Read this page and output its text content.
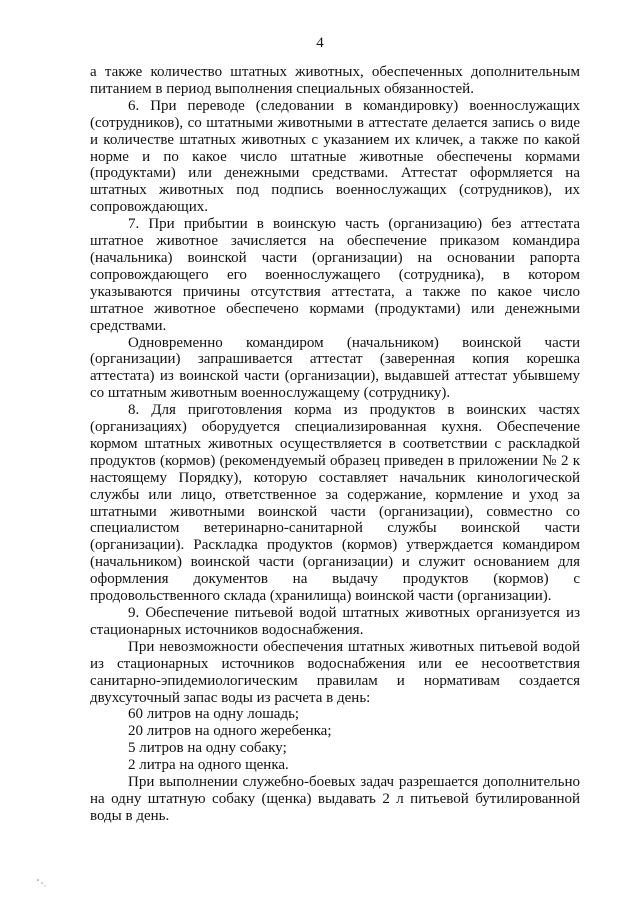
4

а также количество штатных животных, обеспеченных дополнительным питанием в период выполнения специальных обязанностей.

6. При переводе (следовании в командировку) военнослужащих (сотрудников), со штатными животными в аттестате делается запись о виде и количестве штатных животных с указанием их кличек, а также по какой норме и по какое число штатные животные обеспечены кормами (продуктами) или денежными средствами. Аттестат оформляется на штатных животных под подпись военнослужащих (сотрудников), их сопровождающих.

7. При прибытии в воинскую часть (организацию) без аттестата штатное животное зачисляется на обеспечение приказом командира (начальника) воинской части (организации) на основании рапорта сопровождающего его военнослужащего (сотрудника), в котором указываются причины отсутствия аттестата, а также по какое число штатное животное обеспечено кормами (продуктами) или денежными средствами.

Одновременно командиром (начальником) воинской части (организации) запрашивается аттестат (заверенная копия корешка аттестата) из воинской части (организации), выдавшей аттестат убывшему со штатным животным военнослужащему (сотруднику).

8. Для приготовления корма из продуктов в воинских частях (организациях) оборудуется специализированная кухня. Обеспечение кормом штатных животных осуществляется в соответствии с раскладкой продуктов (кормов) (рекомендуемый образец приведен в приложении № 2 к настоящему Порядку), которую составляет начальник кинологической службы или лицо, ответственное за содержание, кормление и уход за штатными животными воинской части (организации), совместно со специалистом ветеринарно-санитарной службы воинской части (организации). Раскладка продуктов (кормов) утверждается командиром (начальником) воинской части (организации) и служит основанием для оформления документов на выдачу продуктов (кормов) с продовольственного склада (хранилища) воинской части (организации).

9. Обеспечение питьевой водой штатных животных организуется из стационарных источников водоснабжения.

При невозможности обеспечения штатных животных питьевой водой из стационарных источников водоснабжения или ее несоответствия санитарно-эпидемиологическим правилам и нормативам создается двухсуточный запас воды из расчета в день:

60 литров на одну лошадь;

20 литров на одного жеребенка;

5 литров на одну собаку;

2 литра на одного щенка.

При выполнении служебно-боевых задач разрешается дополнительно на одну штатную собаку (щенка) выдавать 2 л питьевой бутилированной воды в день.
